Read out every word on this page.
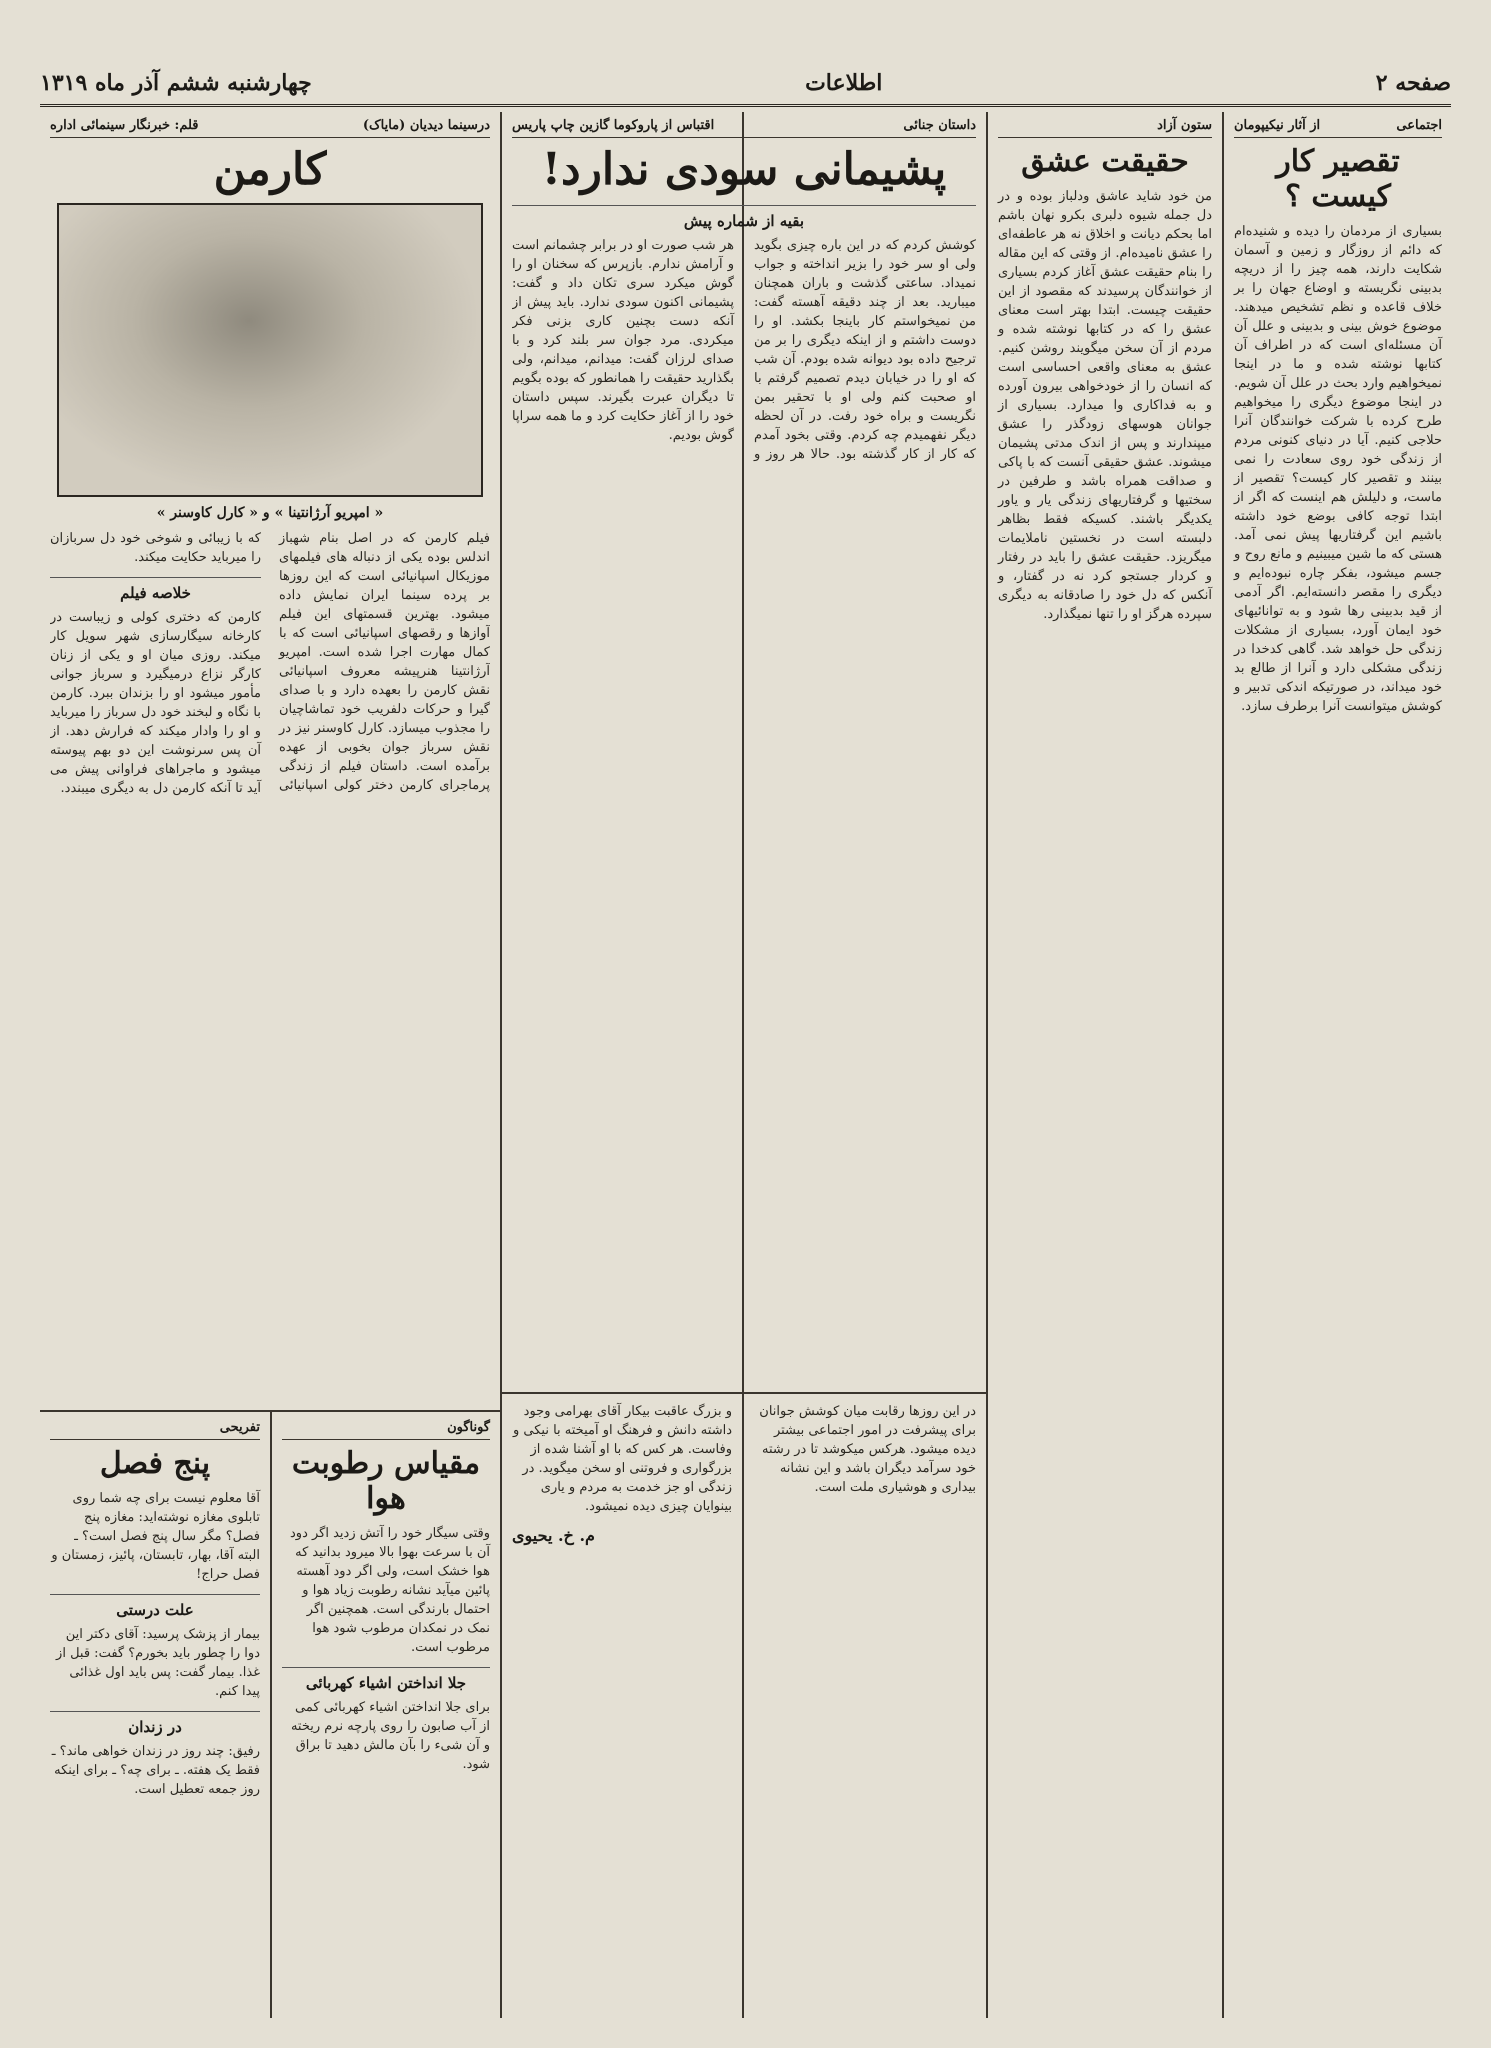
صفحه ۲
اطلاعات
چهارشنبه ششم آذر ماه ۱۳۱۹
اجتماعی
از آثار نیکیپومان
تقصیر کار کیست ؟
بسیاری از مردمان را دیده و شنیده‌ام که دائم از روزگار و زمین و آسمان شکایت دارند، همه چیز را از دریچه بدبینی نگریسته و اوضاع جهان را بر خلاف قاعده و نظم تشخیص میدهند. موضوع خوش بینی و بدبینی و علل آن آن مسئله‌ای است که در اطراف آن کتابها نوشته شده و ما در اینجا نمیخواهیم وارد بحث در علل آن شویم. در اینجا موضوع دیگری را میخواهیم طرح کرده با شرکت خوانندگان آنرا حلاجی کنیم. آیا در دنیای کنونی مردم از زندگی خود روی سعادت را نمی بینند و تقصیر کار کیست؟ تقصیر از ماست، و دلیلش هم اینست که اگر از ابتدا توجه کافی بوضع خود داشته باشیم این گرفتاریها پیش نمی آمد. هستی که ما شین میبینیم و مانع روح و جسم میشود، بفکر چاره نبوده‌ایم و دیگری را مقصر دانسته‌ایم. اگر آدمی از قید بدبینی رها شود و به توانائیهای خود ایمان آورد، بسیاری از مشکلات زندگی حل خواهد شد. گاهی کدخدا در زندگی مشکلی دارد و آنرا از طالع بد خود میداند، در صورتیکه اندکی تدبیر و کوشش میتوانست آنرا برطرف سازد.
ستون آزاد
حقیقت عشق
من خود شاید عاشق ودلباز بوده و در دل جمله شیوه دلبری بکرو نهان باشم اما بحکم دیانت و اخلاق نه هر عاطفه‌ای را عشق نامیده‌ام. از وقتی که این مقاله را بنام حقیقت عشق آغاز کردم بسیاری از خوانندگان پرسیدند که مقصود از این حقیقت چیست. ابتدا بهتر است معنای عشق را که در کتابها نوشته شده و مردم از آن سخن میگویند روشن کنیم. عشق به معنای واقعی احساسی است که انسان را از خودخواهی بیرون آورده و به فداکاری وا میدارد. بسیاری از جوانان هوسهای زودگذر را عشق میپندارند و پس از اندک مدتی پشیمان میشوند. عشق حقیقی آنست که با پاکی و صداقت همراه باشد و طرفین در سختیها و گرفتاریهای زندگی یار و یاور یکدیگر باشند. کسیکه فقط بظاهر دلبسته است در نخستین ناملایمات میگریزد. حقیقت عشق را باید در رفتار و کردار جستجو کرد نه در گفتار، و آنکس که دل خود را صادقانه به دیگری سپرده هرگز او را تنها نمیگذارد.
داستان جنائی
اقتباس از پاروکوما گازین چاپ پاریس
پشیمانی سودی ندارد!
بقیه از شماره پیش
کوشش کردم که در این باره چیزی بگوید ولی او سر خود را بزیر انداخته و جواب نمیداد. ساعتی گذشت و باران همچنان میبارید. بعد از چند دقیقه آهسته گفت: من نمیخواستم کار باینجا بکشد. او را دوست داشتم و از اینکه دیگری را بر من ترجیح داده بود دیوانه شده بودم. آن شب که او را در خیابان دیدم تصمیم گرفتم با او صحبت کنم ولی او با تحقیر بمن نگریست و براه خود رفت. در آن لحظه دیگر نفهمیدم چه کردم. وقتی بخود آمدم که کار از کار گذشته بود. حالا هر روز و هر شب صورت او در برابر چشمانم است و آرامش ندارم. بازپرس که سخنان او را گوش میکرد سری تکان داد و گفت: پشیمانی اکنون سودی ندارد. باید پیش از آنکه دست بچنین کاری بزنی فکر میکردی. مرد جوان سر بلند کرد و با صدای لرزان گفت: میدانم، میدانم، ولی بگذارید حقیقت را همانطور که بوده بگویم تا دیگران عبرت بگیرند. سپس داستان خود را از آغاز حکایت کرد و ما همه سراپا گوش بودیم.
درسینما دیدیان (مایاک)
قلم: خبرنگار سینمائی اداره
کارمن
« امپریو آرژانتینا » و « کارل کاوسنر »
فیلم کارمن که در اصل بنام شهباز اندلس بوده یکی از دنباله های فیلمهای موزیکال اسپانیائی است که این روزها بر پرده سینما ایران نمایش داده میشود. بهترین قسمتهای این فیلم آوازها و رقصهای اسپانیائی است که با کمال مهارت اجرا شده است. امپریو آرژانتینا هنرپیشه معروف اسپانیائی نقش کارمن را بعهده دارد و با صدای گیرا و حرکات دلفریب خود تماشاچیان را مجذوب میسازد. کارل کاوسنر نیز در نقش سرباز جوان بخوبی از عهده برآمده است. داستان فیلم از زندگی پرماجرای کارمن دختر کولی اسپانیائی که با زیبائی و شوخی خود دل سربازان را میرباید حکایت میکند.
خلاصه فیلم
کارمن که دختری کولی و زیباست در کارخانه سیگارسازی شهر سویل کار میکند. روزی میان او و یکی از زنان کارگر نزاع درمیگیرد و سرباز جوانی مأمور میشود او را بزندان ببرد. کارمن با نگاه و لبخند خود دل سرباز را میرباید و او را وادار میکند که فرارش دهد. از آن پس سرنوشت این دو بهم پیوسته میشود و ماجراهای فراوانی پیش می آید تا آنکه کارمن دل به دیگری میبندد.
تفریحی
پنج فصل
آقا معلوم نیست برای چه شما روی تابلوی مغازه نوشته‌اید: مغازه پنج فصل؟ مگر سال پنج فصل است؟ ـ البته آقا، بهار، تابستان، پائیز، زمستان و فصل حراج!
علت درستی
بیمار از پزشک پرسید: آقای دکتر این دوا را چطور باید بخورم؟ گفت: قبل از غذا. بیمار گفت: پس باید اول غذائی پیدا کنم.
در زندان
رفیق: چند روز در زندان خواهی ماند؟ ـ فقط یک هفته. ـ برای چه؟ ـ برای اینکه روز جمعه تعطیل است.
گوناگون
مقیاس رطوبت هوا
وقتی سیگار خود را آتش زدید اگر دود آن با سرعت بهوا بالا میرود بدانید که هوا خشک است، ولی اگر دود آهسته پائین میآید نشانه رطوبت زیاد هوا و احتمال بارندگی است. همچنین اگر نمک در نمکدان مرطوب شود هوا مرطوب است.
جلا انداختن اشیاء کهربائی
برای جلا انداختن اشیاء کهربائی کمی از آب صابون را روی پارچه نرم ریخته و آن شیء را بآن مالش دهید تا براق شود.
و بزرگ عاقبت بیکار آقای بهرامی وجود داشته دانش و فرهنگ او آمیخته با نیکی و وفاست. هر کس که با او آشنا شده از بزرگواری و فروتنی او سخن میگوید. در زندگی او جز خدمت به مردم و یاری بینوایان چیزی دیده نمیشود.
م. خ. یحیوی
در این روزها رقابت میان کوشش جوانان برای پیشرفت در امور اجتماعی بیشتر دیده میشود. هرکس میکوشد تا در رشته خود سرآمد دیگران باشد و این نشانه بیداری و هوشیاری ملت است.
